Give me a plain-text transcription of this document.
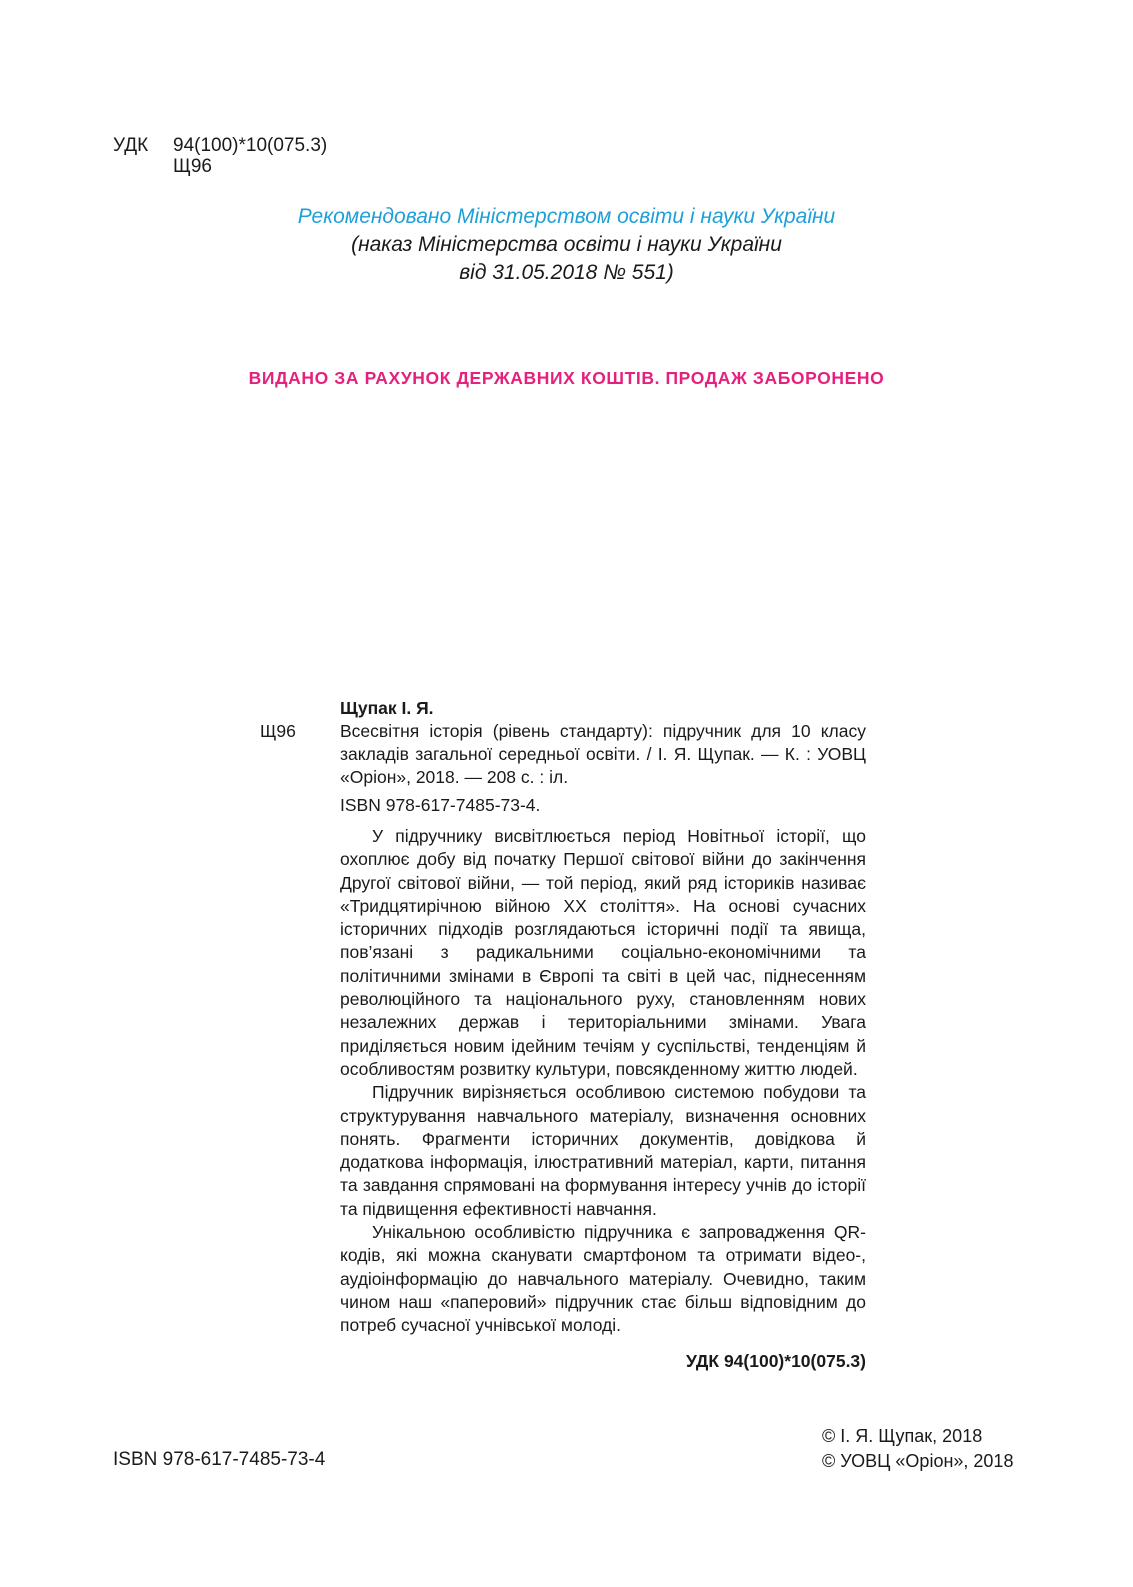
УДК 94(100)*10(075.3)
Щ96
Рекомендовано Міністерством освіти і науки України
(наказ Міністерства освіти і науки України
від 31.05.2018 № 551)
ВИДАНО ЗА РАХУНОК ДЕРЖАВНИХ КОШТІВ. ПРОДАЖ ЗАБОРОНЕНО
Щупак І. Я.
Щ96	Всесвітня історія (рівень стандарту): підручник для 10 класу закладів загальної середньої освіти. / І. Я. Щупак. — К. : УОВЦ «Оріон», 2018. — 208 с. : іл.
ISBN 978-617-7485-73-4.

У підручнику висвітлюється період Новітньої історії, що охоплює добу від початку Першої світової війни до закінчення Другої світової війни, — той період, який ряд істориків називає «Тридцятирічною війною XX століття». На основі сучасних історичних підходів розглядаються історичні події та явища, пов’язані з радикальними соціально-економічними та політичними змінами в Європі та світі в цей час, піднесенням революційного та національного руху, становленням нових незалежних держав і територіальними змінами. Увага приділяється новим ідейним течіям у суспільстві, тенденціям й особливостям розвитку культури, повсякденному життю людей.

Підручник вирізняється особливою системою побудови та структурування навчального матеріалу, визначення основних понять. Фрагменти історичних документів, довідкова й додаткова інформація, ілюстративний матеріал, карти, питання та завдання спрямовані на формування інтересу учнів до історії та підвищення ефективності навчання.

Унікальною особливістю підручника є запровадження QR-кодів, які можна сканувати смартфоном та отримати відео-, аудіоінформацію до навчального матеріалу. Очевидно, таким чином наш «паперовий» підручник стає більш відповідним до потреб сучасної учнівської молоді.

УДК 94(100)*10(075.3)
ISBN 978-617-7485-73-4
© І. Я. Щупак, 2018
© УОВЦ «Оріон», 2018
